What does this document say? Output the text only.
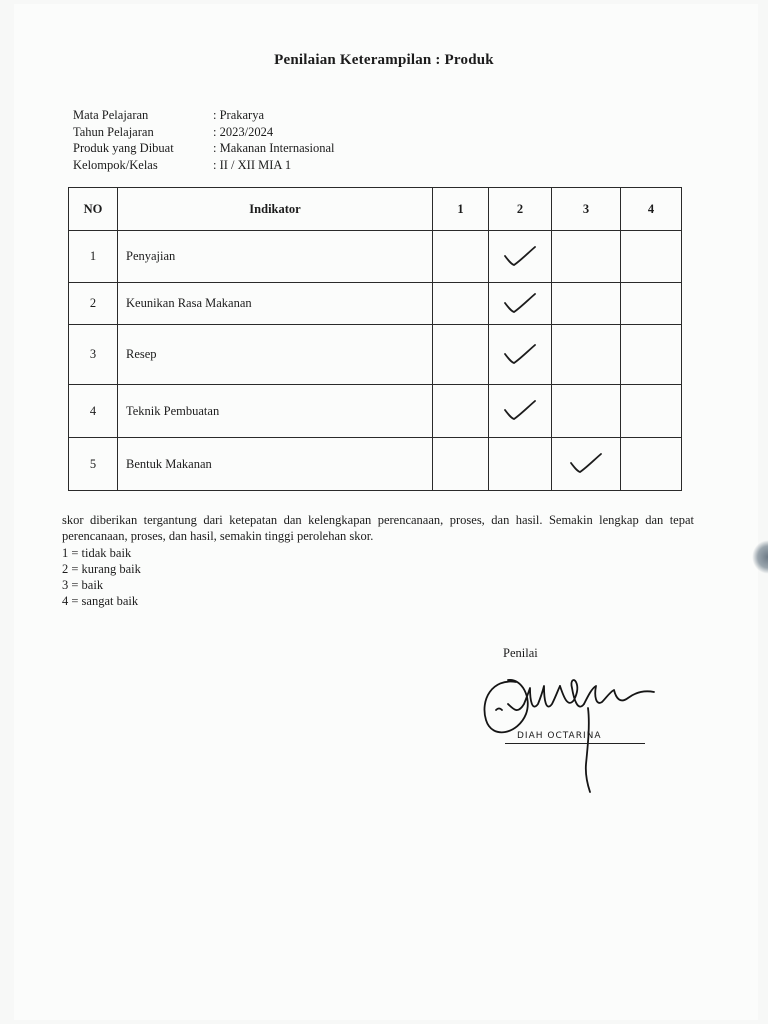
Penilaian Keterampilan : Produk
Mata Pelajaran	: Prakarya
Tahun Pelajaran	: 2023/2024
Produk yang Dibuat	: Makanan Internasional
Kelompok/Kelas	: II / XII MIA 1
NO	Indikator	1	2	3	4
1	Penyajian		

2	Keunikan Rasa Makanan		

3	Resep		

4	Teknik Pembuatan		

5	Bentuk Makanan			

skor diberikan tergantung dari ketepatan dan kelengkapan perencanaan, proses, dan hasil. Semakin lengkap dan tepat perencanaan, proses, dan hasil, semakin tinggi perolehan skor.
1 = tidak baik
2 = kurang baik
3 = baik
4 = sangat baik
Penilai
DIAH OCTARINA
